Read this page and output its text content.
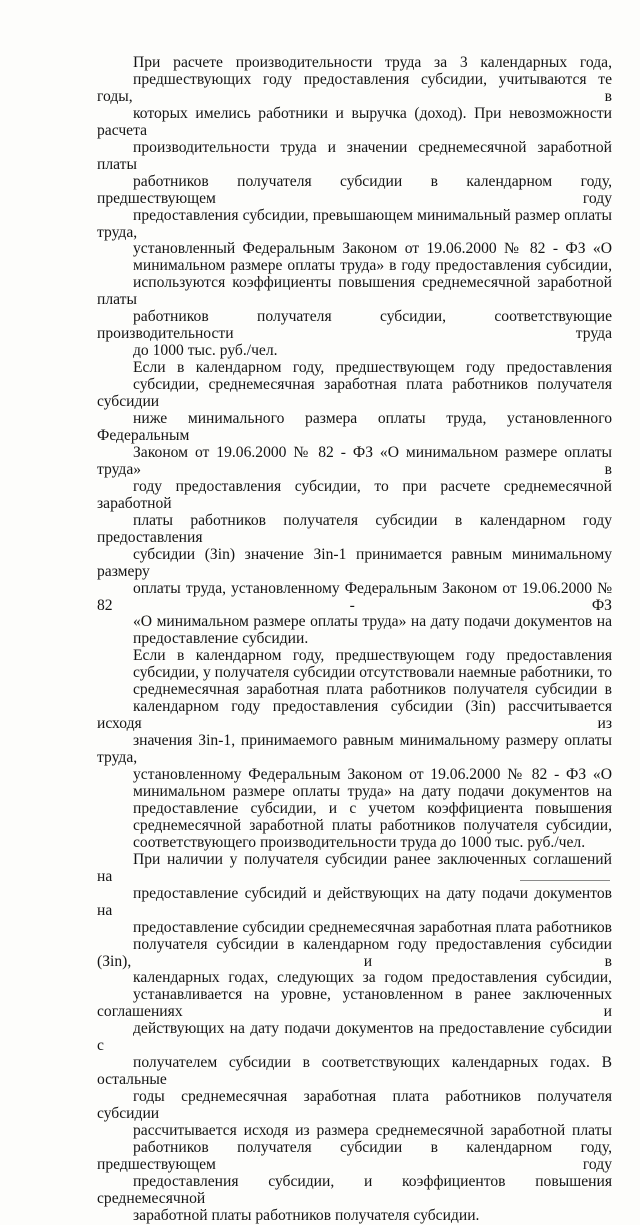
При расчете производительности труда за 3 календарных года,
предшествующих году предоставления субсидии, учитываются те годы, в
которых имелись работники и выручка (доход). При невозможности расчета
производительности труда и значении среднемесячной заработной платы
работников получателя субсидии в календарном году, предшествующем году
предоставления субсидии, превышающем минимальный размер оплаты труда,
установленный Федеральным Законом от 19.06.2000 № 82 - ФЗ «О
минимальном размере оплаты труда» в году предоставления субсидии,
используются коэффициенты повышения среднемесячной заработной платы
работников получателя субсидии, соответствующие производительности труда
до 1000 тыс. руб./чел.

Если в календарном году, предшествующем году предоставления
субсидии, среднемесячная заработная плата работников получателя субсидии
ниже минимального размера оплаты труда, установленного Федеральным
Законом от 19.06.2000 № 82 - ФЗ «О минимальном размере оплаты труда» в
году предоставления субсидии, то при расчете среднемесячной заработной
платы работников получателя субсидии в календарном году предоставления
субсидии (Зin) значение Зin-1 принимается равным минимальному размеру
оплаты труда, установленному Федеральным Законом от 19.06.2000 № 82 - ФЗ
«О минимальном размере оплаты труда» на дату подачи документов на
предоставление субсидии.

Если в календарном году, предшествующем году предоставления
субсидии, у получателя субсидии отсутствовали наемные работники, то
среднемесячная заработная плата работников получателя субсидии в
календарном году предоставления субсидии (Зin) рассчитывается исходя из
значения Зin-1, принимаемого равным минимальному размеру оплаты труда,
установленному Федеральным Законом от 19.06.2000 № 82 - ФЗ «О
минимальном размере оплаты труда» на дату подачи документов на
предоставление субсидии, и с учетом коэффициента повышения
среднемесячной заработной платы работников получателя субсидии,
соответствующего производительности труда до 1000 тыс. руб./чел.

При наличии у получателя субсидии ранее заключенных соглашений на
предоставление субсидий и действующих на дату подачи документов на
предоставление субсидии среднемесячная заработная плата работников
получателя субсидии в календарном году предоставления субсидии (Зin), и в
календарных годах, следующих за годом предоставления субсидии,
устанавливается на уровне, установленном в ранее заключенных соглашениях и
действующих на дату подачи документов на предоставление субсидии с
получателем субсидии в соответствующих календарных годах. В остальные
годы среднемесячная заработная плата работников получателя субсидии
рассчитывается исходя из размера среднемесячной заработной платы
работников получателя субсидии в календарном году, предшествующем году
предоставления субсидии, и коэффициентов повышения среднемесячной
заработной платы работников получателя субсидии.
